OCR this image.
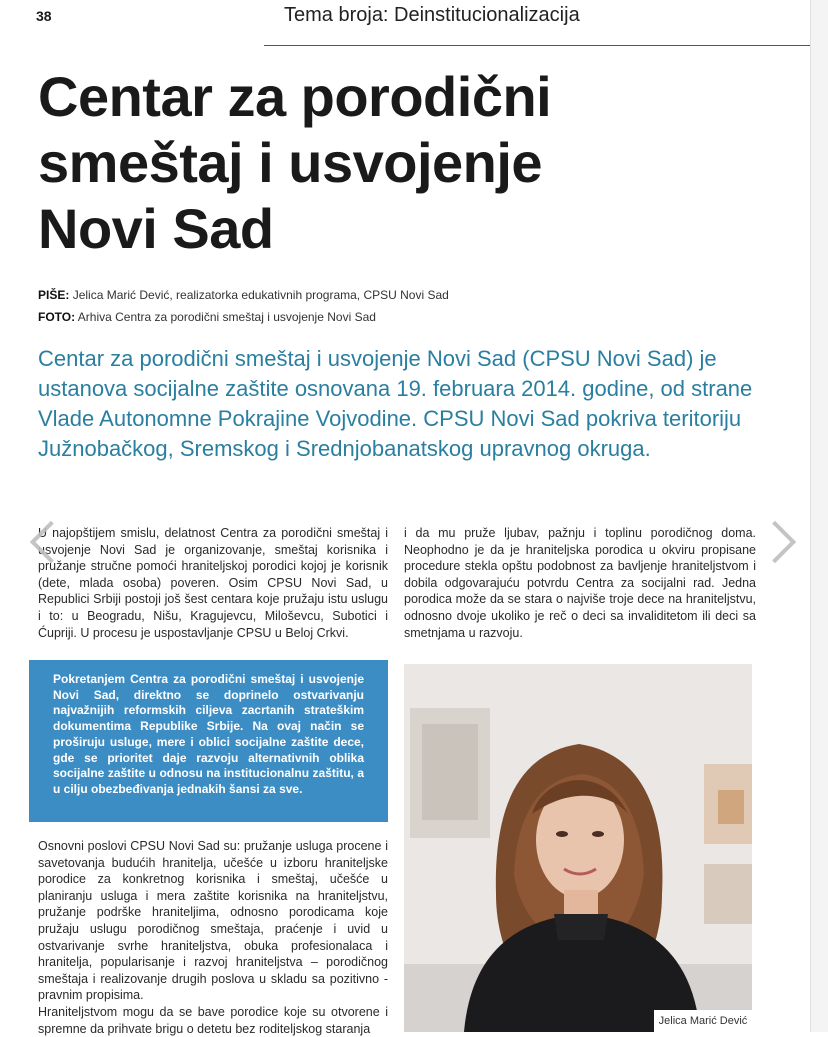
38	Tema broja: Deinstitucionalizacija
Centar za porodični
smeštaj i usvojenje
Novi Sad
PIŠE: Jelica Marić Dević, realizatorka edukativnih programa, CPSU Novi Sad
FOTO: Arhiva Centra za porodični smeštaj i usvojenje Novi Sad

Centar za porodični smeštaj i usvojenje Novi Sad (CPSU Novi Sad) je ustanova socijalne zaštite osnovana 19. februara 2014. godine, od strane Vlade Autonomne Pokrajine Vojvodine. CPSU Novi Sad pokriva teritoriju Južnobačkog, Sremskog i Srednjobanatskog upravnog okruga.

U najopštijem smislu, delatnost Centra za porodični smeštaj i usvojenje Novi Sad je organizovanje, smeštaj korisnika i pružanje stručne pomoći hraniteljskoj porodici kojoj je korisnik (dete, mlada osoba) poveren. Osim CPSU Novi Sad, u Republici Srbiji postoji još šest centara koje pružaju istu uslugu i to: u Beogradu, Nišu, Kragujevcu, Miloševcu, Subotici i Ćupriji. U procesu je uspostavljanje CPSU u Beloj Crkvi.

i da mu pruže ljubav, pažnju i toplinu porodičnog doma. Neophodno je da je hraniteljska porodica u okviru propisane procedure stekla opštu podobnost za bavljenje hraniteljstvom i dobila odgovarajuću potvrdu Centra za socijalni rad. Jedna porodica može da se stara o najviše troje dece na hraniteljstvu, odnosno dvoje ukoliko je reč o deci sa invaliditetom ili deci sa smetnjama u razvoju.

Pokretanjem Centra za porodični smeštaj i usvojenje Novi Sad, direktno se doprinelo ostvarivanju najvažnijih reformskih ciljeva zacrtanih strateškim dokumentima Republike Srbije. Na ovaj način se proširuju usluge, mere i oblici socijalne zaštite dece, gde se prioritet daje razvoju alternativnih oblika socijalne zaštite u odnosu na institucionalnu zaštitu, a u cilju obezbeđivanja jednakih šansi za sve.

Osnovni poslovi CPSU Novi Sad su: pružanje usluga procene i savetovanja budućih hranitelja, učešće u izboru hraniteljske porodice za konkretnog korisnika i smeštaj, učešće u planiranju usluga i mera zaštite korisnika na hraniteljstvu, pružanje podrške hraniteljima, odnosno porodicama koje pružaju uslugu porodičnog smeštaja, praćenje i uvid u ostvarivanje svrhe hraniteljstva, obuka profesionalaca i hranitelja, popularisanje i razvoj hraniteljstva – porodičnog smeštaja i realizovanje drugih poslova u skladu sa pozitivno - pravnim propisima.

Hraniteljstvom mogu da se bave porodice koje su otvorene i spremne da prihvate brigu o detetu bez roditeljskog staranja

Jelica Marić Dević
